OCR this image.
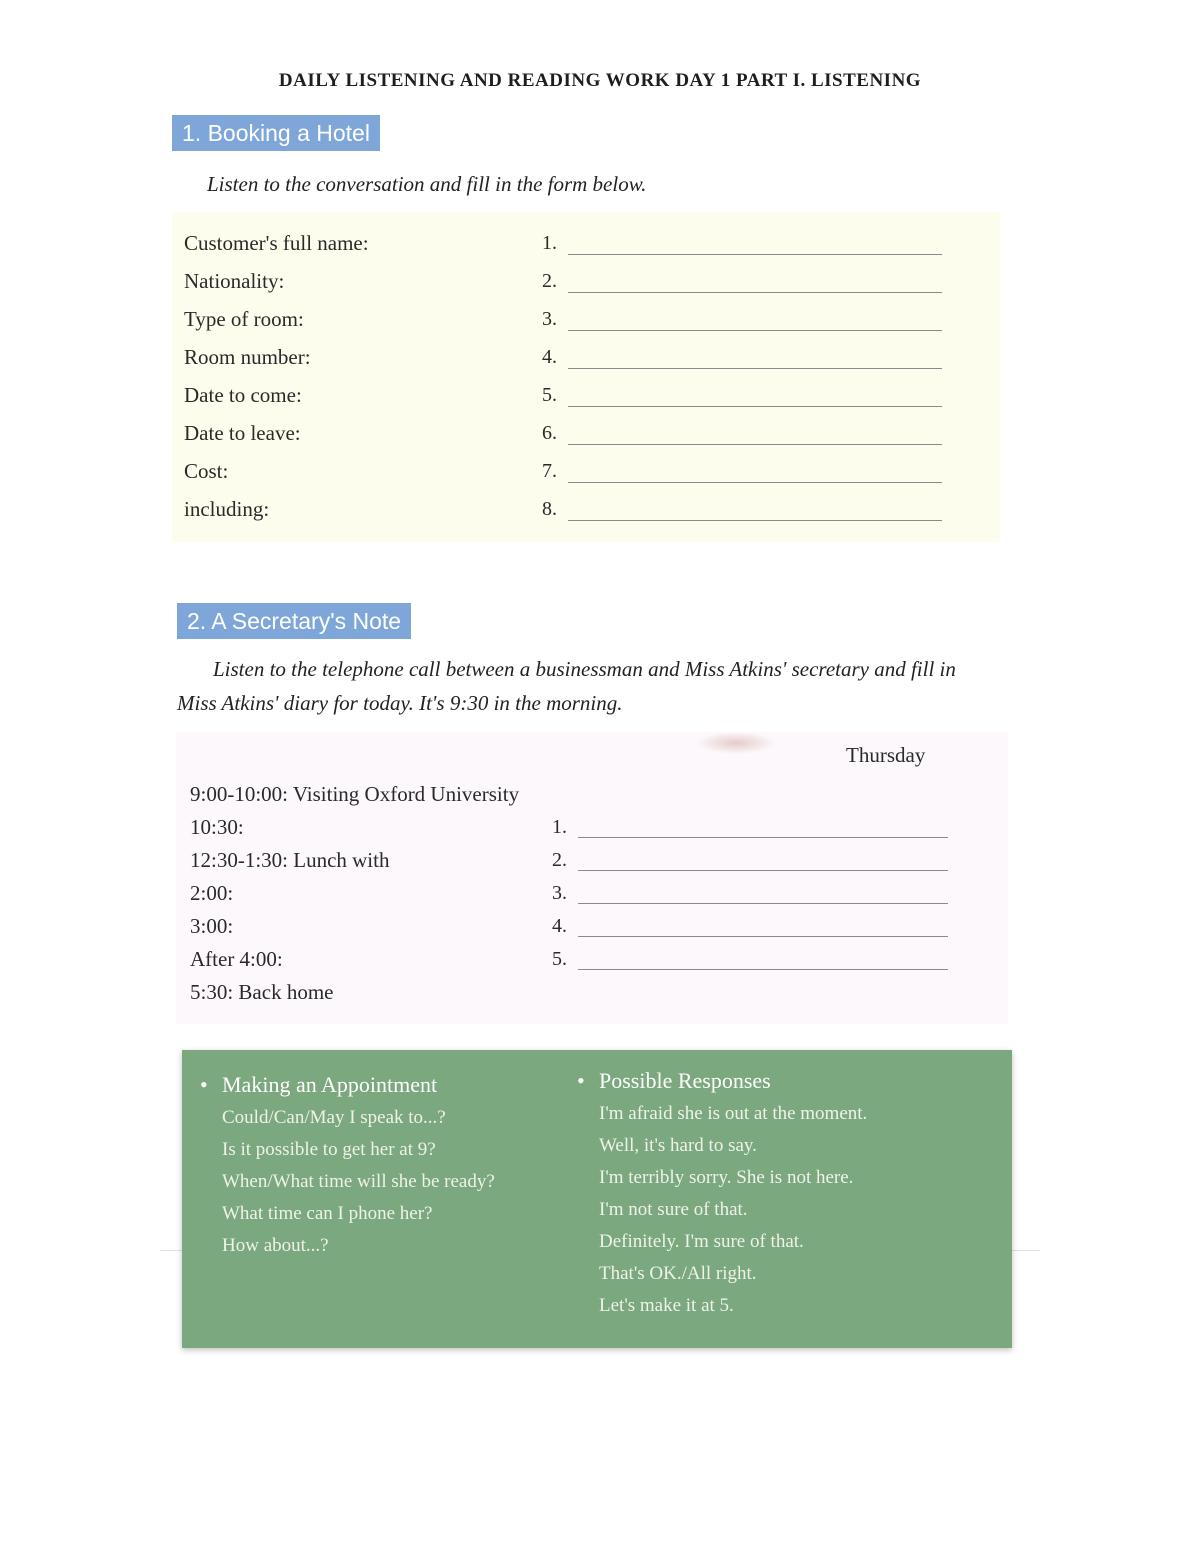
DAILY LISTENING AND READING WORK DAY 1 PART I. LISTENING
1. Booking a Hotel
Listen to the conversation and fill in the form below.
Customer's full name:	1.
Nationality:	2.
Type of room:	3.
Room number:	4.
Date to come:	5.
Date to leave:	6.
Cost:	7.
including:	8.
2. A Secretary's Note
Listen to the telephone call between a businessman and Miss Atkins' secretary and fill in
Miss Atkins' diary for today. It's 9:30 in the morning.
Thursday
9:00-10:00: Visiting Oxford University
10:30:	1.
12:30-1:30: Lunch with	2.
2:00:	3.
3:00:	4.
After 4:00:	5.
5:30: Back home
• Making an Appointment
Could/Can/May I speak to...?
Is it possible to get her at 9?
When/What time will she be ready?
What time can I phone her?
How about...?
• Possible Responses
I'm afraid she is out at the moment.
Well, it's hard to say.
I'm terribly sorry. She is not here.
I'm not sure of that.
Definitely. I'm sure of that.
That's OK./All right.
Let's make it at 5.
